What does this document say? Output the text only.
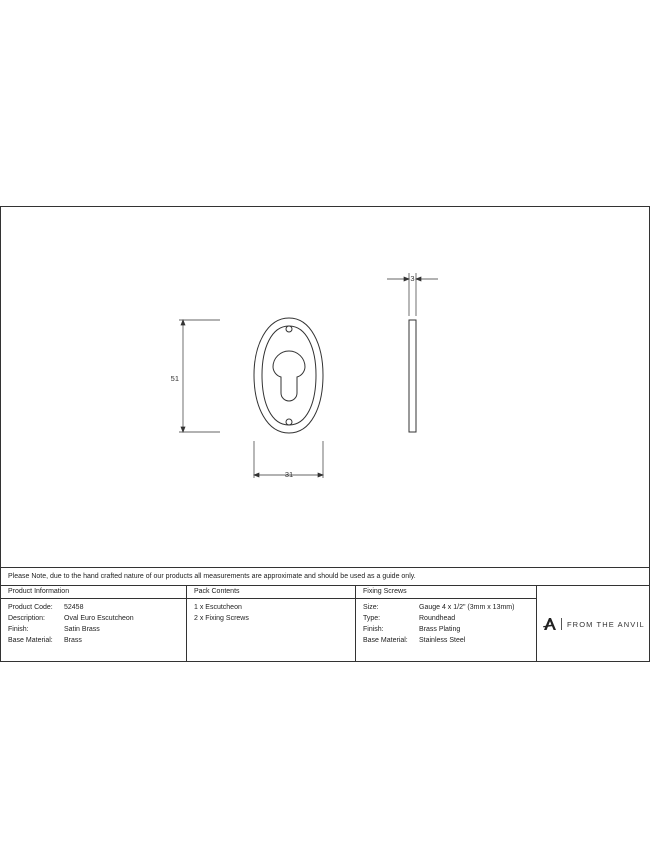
51
31
3
Please Note, due to the hand crafted nature of our products all measurements are approximate and should be used as a guide only.
Product Information
Product Code: 52458
Description:	Oval Euro Escutcheon
Finish:	Satin Brass
Base Material: Brass
Pack Contents
1 x Escutcheon
2 x Fixing Screws
Fixing Screws
Size:	Gauge 4 x 1/2" (3mm x 13mm)
Type:	Roundhead
Finish:	Brass Plating
Base Material: Stainless Steel
FROM THE ANVIL
